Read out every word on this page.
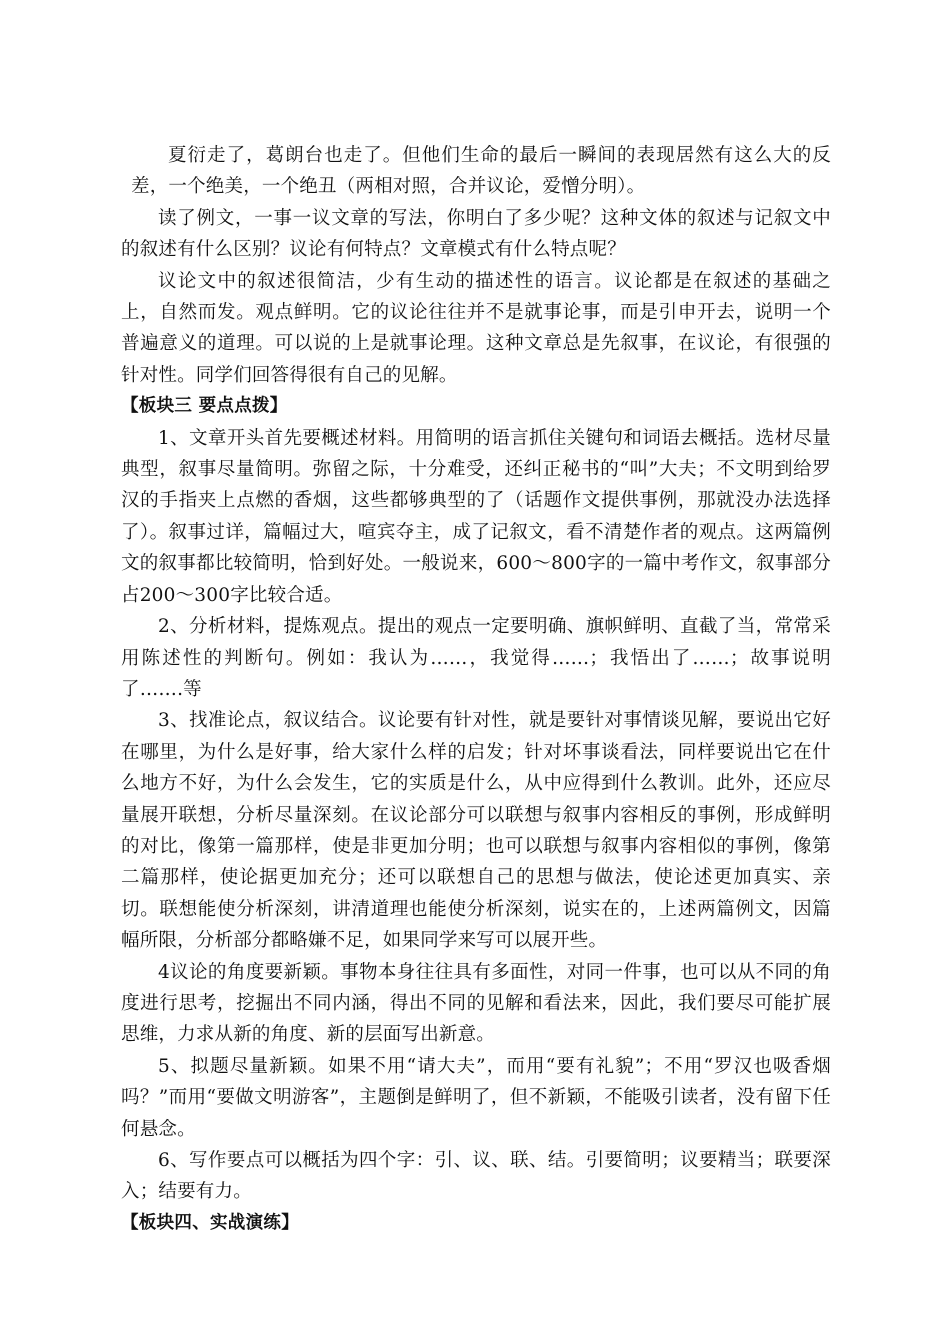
夏衍走了，葛朗台也走了。但他们生命的最后一瞬间的表现居然有这么大的反差，一个绝美，一个绝丑（两相对照，合并议论，爱憎分明）。

读了例文，一事一议文章的写法，你明白了多少呢？这种文体的叙述与记叙文中的叙述有什么区别？议论有何特点？文章模式有什么特点呢？

议论文中的叙述很简洁，少有生动的描述性的语言。议论都是在叙述的基础之上，自然而发。观点鲜明。它的议论往往并不是就事论事，而是引申开去，说明一个普遍意义的道理。可以说的上是就事论理。这种文章总是先叙事，在议论，有很强的针对性。同学们回答得很有自己的见解。

【板块三 要点点拨】

1、文章开头首先要概述材料。用简明的语言抓住关键句和词语去概括。选材尽量典型，叙事尽量简明。弥留之际，十分难受，还纠正秘书的“叫”大夫；不文明到给罗汉的手指夹上点燃的香烟，这些都够典型的了（话题作文提供事例，那就没办法选择了）。叙事过详，篇幅过大，喧宾夺主，成了记叙文，看不清楚作者的观点。这两篇例文的叙事都比较简明，恰到好处。一般说来，600～800字的一篇中考作文，叙事部分占200～300字比较合适。

2、分析材料，提炼观点。提出的观点一定要明确、旗帜鲜明、直截了当，常常采用陈述性的判断句。例如：我认为……，我觉得……；我悟出了……；故事说明了…….等

3、找准论点，叙议结合。议论要有针对性，就是要针对事情谈见解，要说出它好在哪里，为什么是好事，给大家什么样的启发；针对坏事谈看法，同样要说出它在什么地方不好，为什么会发生，它的实质是什么，从中应得到什么教训。此外，还应尽量展开联想，分析尽量深刻。在议论部分可以联想与叙事内容相反的事例，形成鲜明的对比，像第一篇那样，使是非更加分明；也可以联想与叙事内容相似的事例，像第二篇那样，使论据更加充分；还可以联想自己的思想与做法，使论述更加真实、亲切。联想能使分析深刻，讲清道理也能使分析深刻，说实在的，上述两篇例文，因篇幅所限，分析部分都略嫌不足，如果同学来写可以展开些。

4议论的角度要新颖。事物本身往往具有多面性，对同一件事，也可以从不同的角度进行思考，挖掘出不同内涵，得出不同的见解和看法来，因此，我们要尽可能扩展思维，力求从新的角度、新的层面写出新意。

5、拟题尽量新颖。如果不用“请大夫”，而用“要有礼貌”；不用“罗汉也吸香烟吗？”而用“要做文明游客”，主题倒是鲜明了，但不新颖，不能吸引读者，没有留下任何悬念。

6、写作要点可以概括为四个字：引、议、联、结。引要简明；议要精当；联要深入；结要有力。

【板块四、实战演练】
